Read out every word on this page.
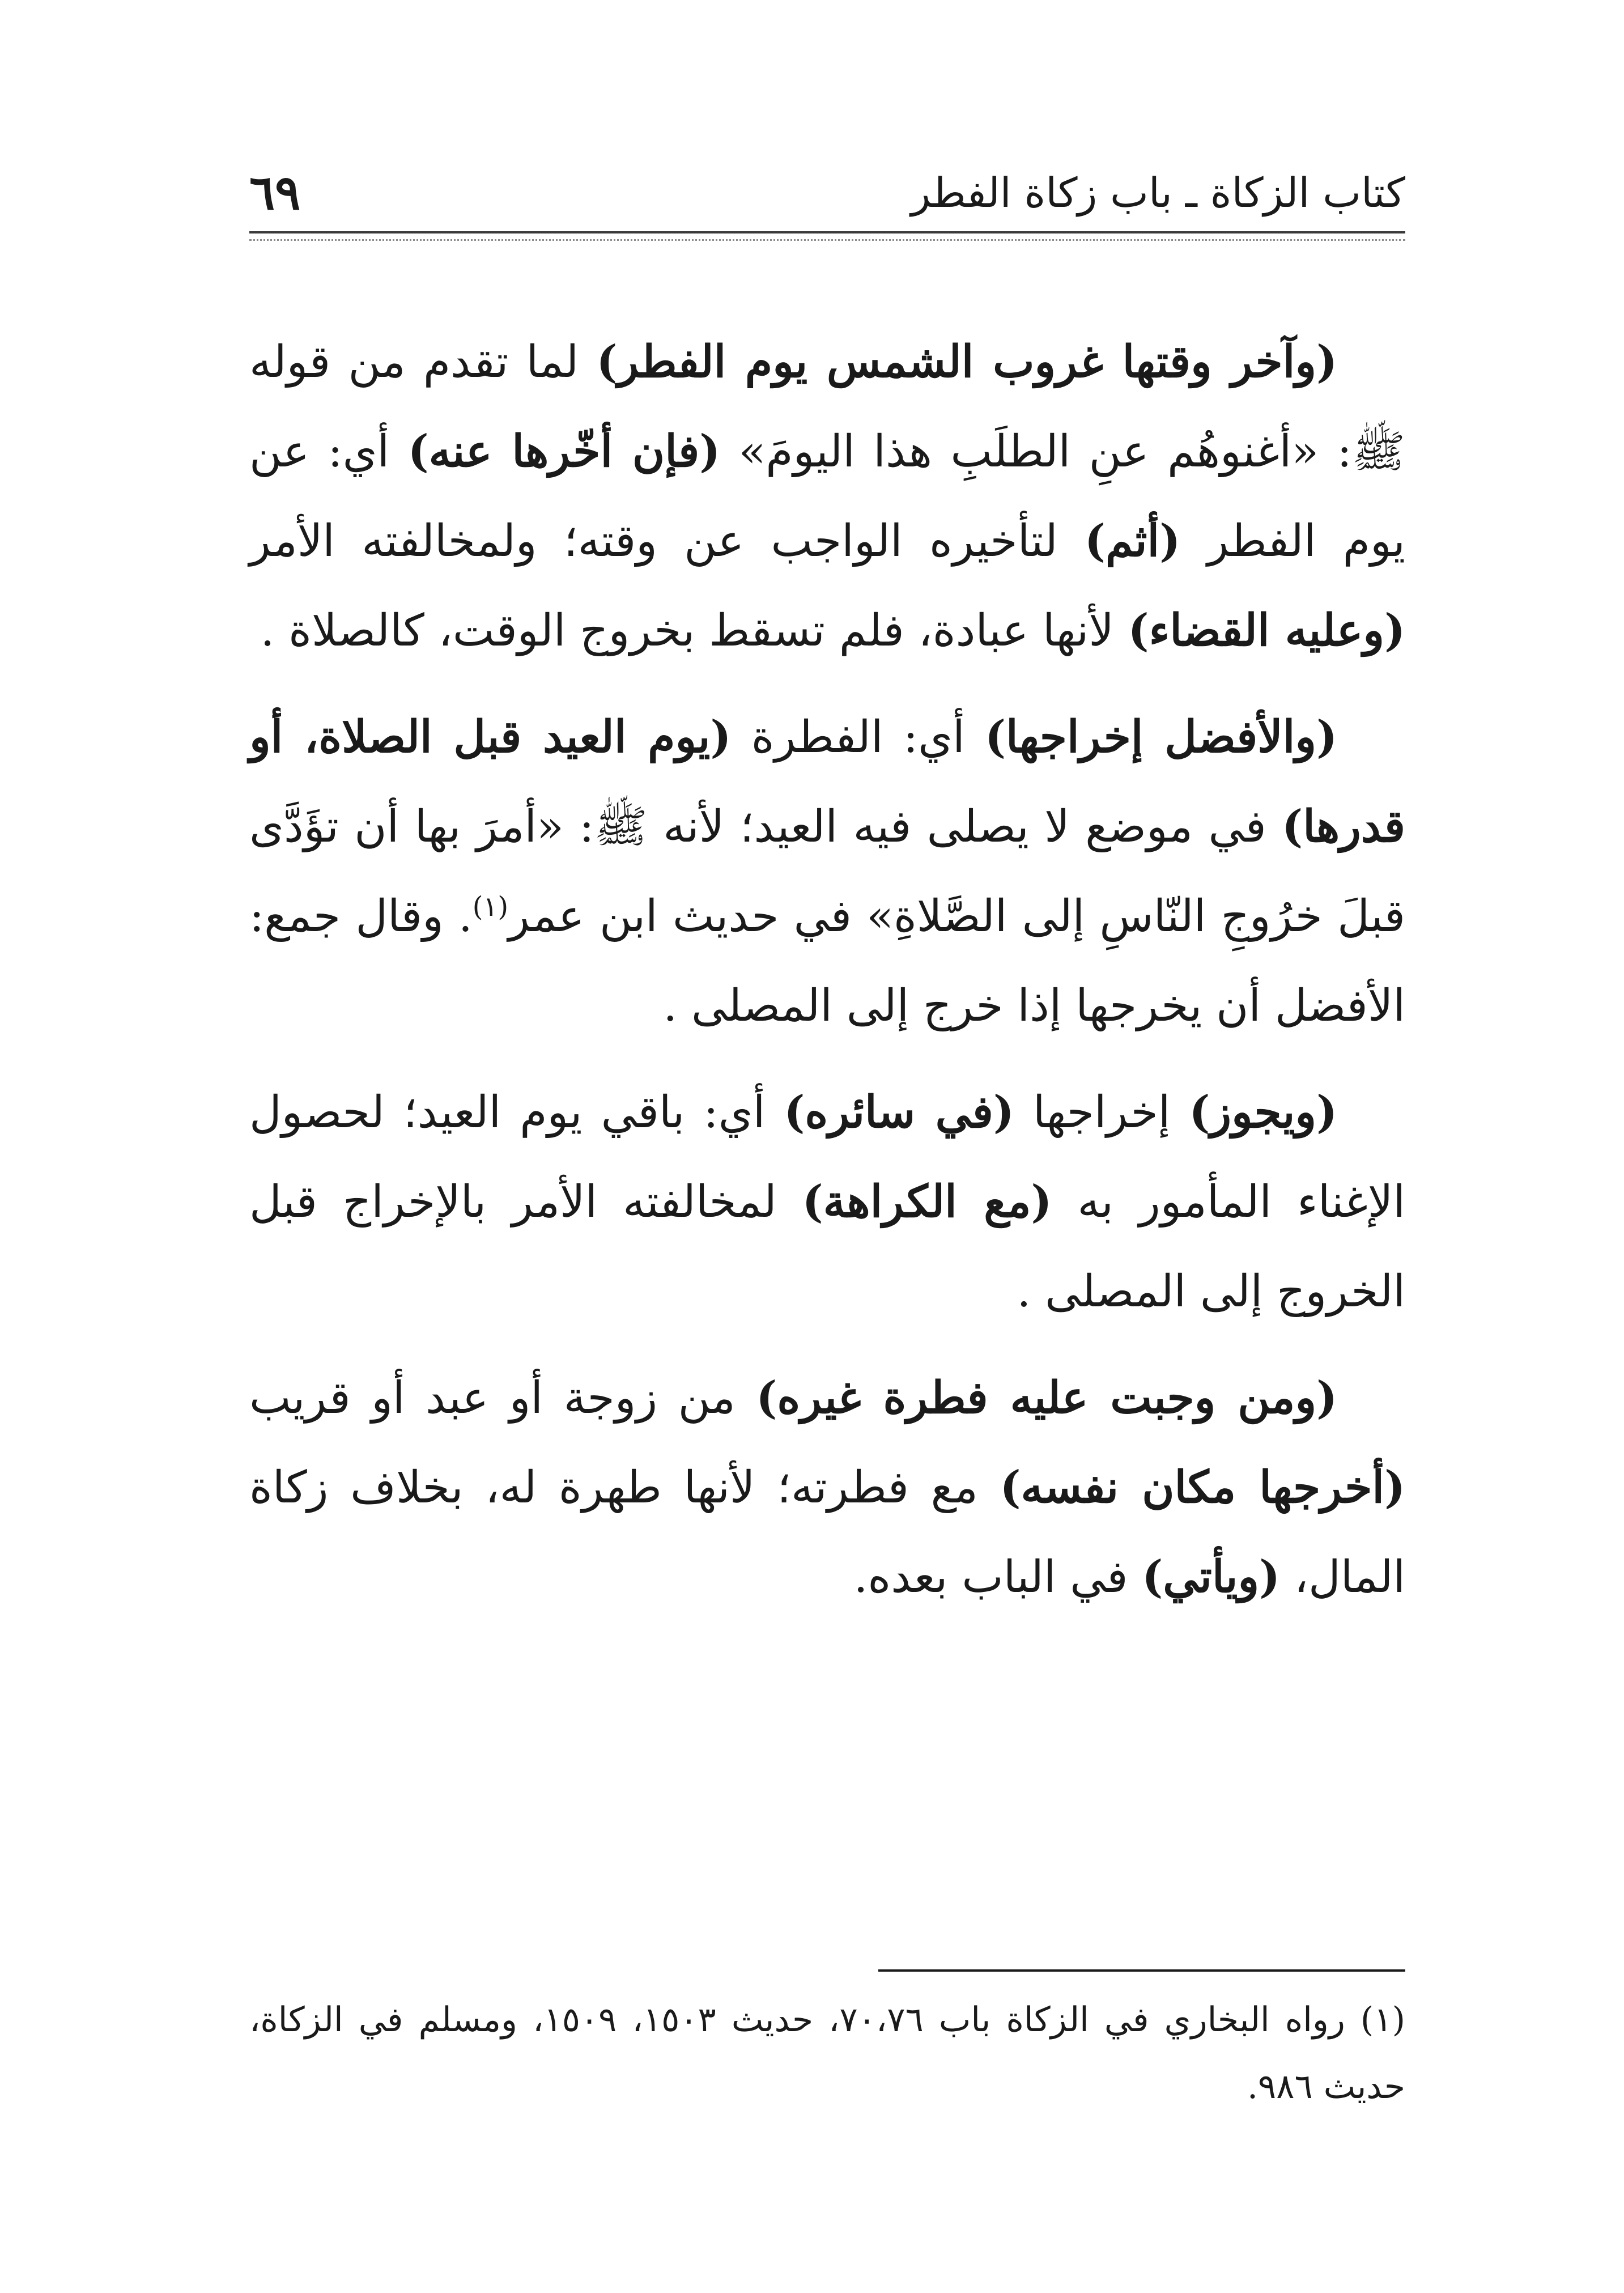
كتاب الزكاة ـ باب زكاة الفطر
٦٩

(وآخر وقتها غروب الشمس يوم الفطر) لما تقدم من قوله ﷺ: «أغنوهُم عنِ الطلَبِ هذا اليومَ» (فإن أخّرها عنه) أي: عن يوم الفطر (أثم) لتأخيره الواجب عن وقته؛ ولمخالفته الأمر (وعليه القضاء) لأنها عبادة، فلم تسقط بخروج الوقت، كالصلاة .

(والأفضل إخراجها) أي: الفطرة (يوم العيد قبل الصلاة، أو قدرها) في موضع لا يصلى فيه العيد؛ لأنه ﷺ: «أمرَ بها أن تؤَدَّى قبلَ خرُوجِ النّاسِ إلى الصَّلاةِ» في حديث ابن عمر$^{(١)}$. وقال جمع: الأفضل أن يخرجها إذا خرج إلى المصلى .

(ويجوز) إخراجها (في سائره) أي: باقي يوم العيد؛ لحصول الإغناء المأمور به (مع الكراهة) لمخالفته الأمر بالإخراج قبل الخروج إلى المصلى .

(ومن وجبت عليه فطرة غيره) من زوجة أو عبد أو قريب (أخرجها مكان نفسه) مع فطرته؛ لأنها طهرة له، بخلاف زكاة المال، (ويأتي) في الباب بعده.

(١) رواه البخاري في الزكاة باب ٧٠،٧٦، حديث ١٥٠٣، ١٥٠٩، ومسلم في الزكاة، حديث ٩٨٦.
